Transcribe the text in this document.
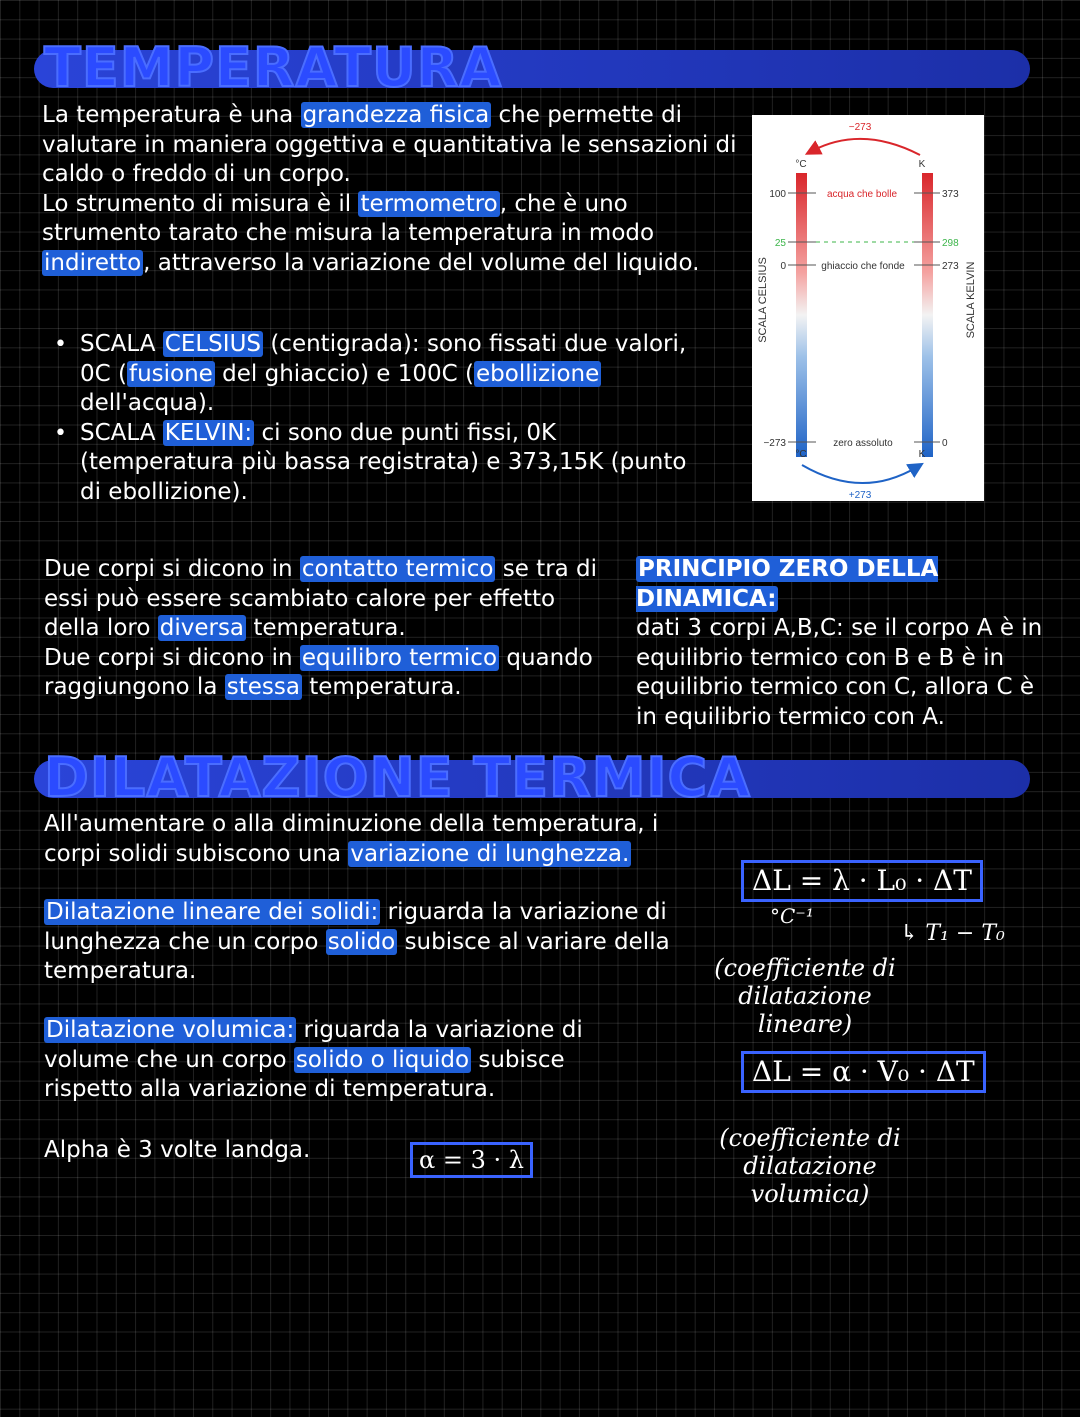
TEMPERATURA
La temperatura è una grandezza fisica che permette di valutare in maniera oggettiva e quantitativa le sensazioni di caldo o freddo di un corpo.
Lo strumento di misura è il termometro, che è uno strumento tarato che misura la temperatura in modo indiretto, attraverso la variazione del volume del liquido.
• SCALA CELSIUS (centigrada): sono fissati due valori, 0C (fusione del ghiaccio) e 100C (ebollizione dell'acqua).
• SCALA KELVIN: ci sono due punti fissi, 0K (temperatura più bassa registrata) e 373,15K (punto di ebollizione).
−273
+273
°C	K
°C	K
100
25
0
−273
373
298
273
0
acqua che bolle
ghiaccio che fonde
zero assoluto
SCALA CELSIUS	SCALA KELVIN
Due corpi si dicono in contatto termico se tra di essi può essere scambiato calore per effetto della loro diversa temperatura.
Due corpi si dicono in equilibro termico quando raggiungono la stessa temperatura.
PRINCIPIO ZERO DELLA DINAMICA:
dati 3 corpi A,B,C: se il corpo A è in equilibrio termico con B e B è in equilibrio termico con C, allora C è in equilibrio termico con A.
DILATAZIONE TERMICA
All'aumentare o alla diminuzione della temperatura, i corpi solidi subiscono una variazione di lunghezza.
Dilatazione lineare dei solidi: riguarda la variazione di lunghezza che un corpo solido subisce al variare della temperatura.
Dilatazione volumica: riguarda la variazione di volume che un corpo solido o liquido subisce rispetto alla variazione di temperatura.
Alpha è 3 volte landga.	α = 3 · λ
ΔL = λ · L₀ · ΔT
°C⁻¹
↳ T₁ − T₀
(coefficiente di dilatazione lineare)
ΔL = α · V₀ · ΔT
(coefficiente di dilatazione volumica)
